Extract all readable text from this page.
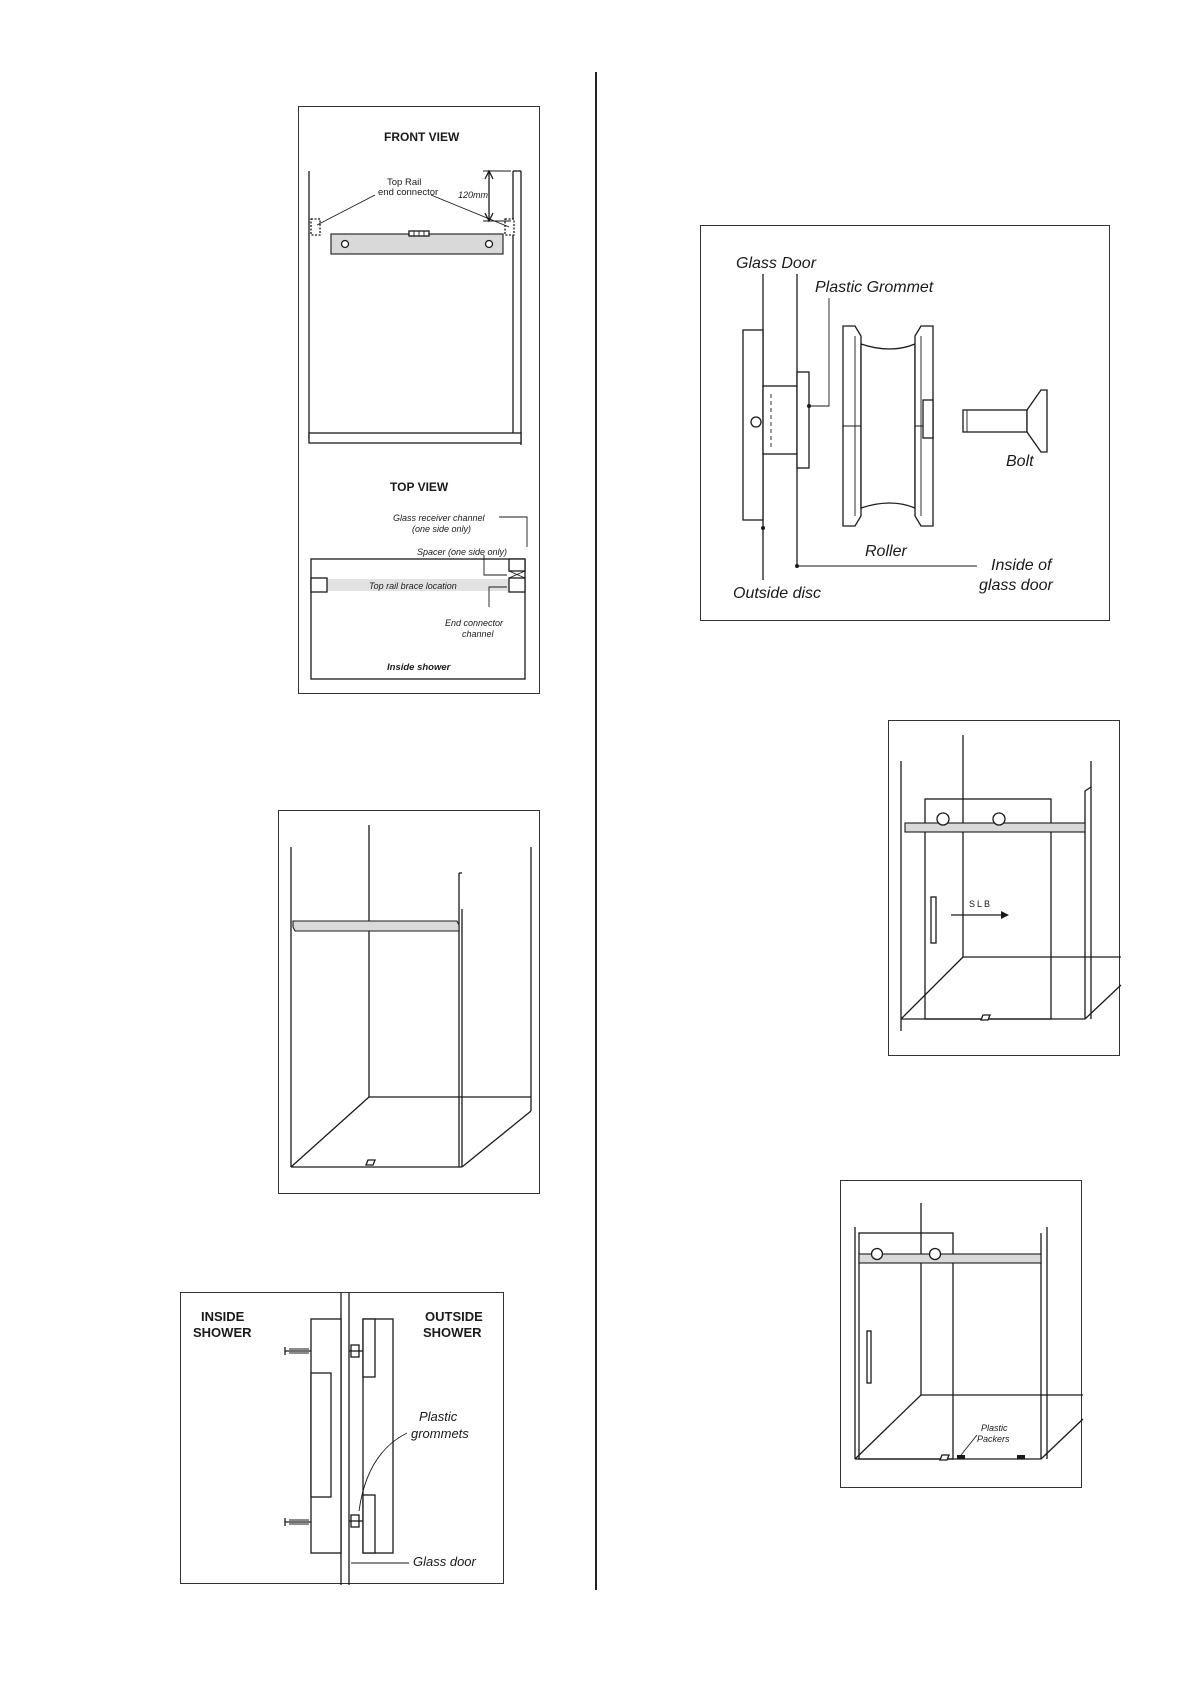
FRONT VIEW
Top Rail
end connector 120mm
TOP VIEW
Glass receiver channel
(one side only)
Spacer (one side only)
Top rail brace location
End connector
channel
Inside shower
INSIDE
SHOWER
OUTSIDE
SHOWER
Plastic
grommets
Glass door
Glass Door
Plastic Grommet
Bolt
Roller
Inside of
glass door
Outside disc
SLB
Plastic
Packers
